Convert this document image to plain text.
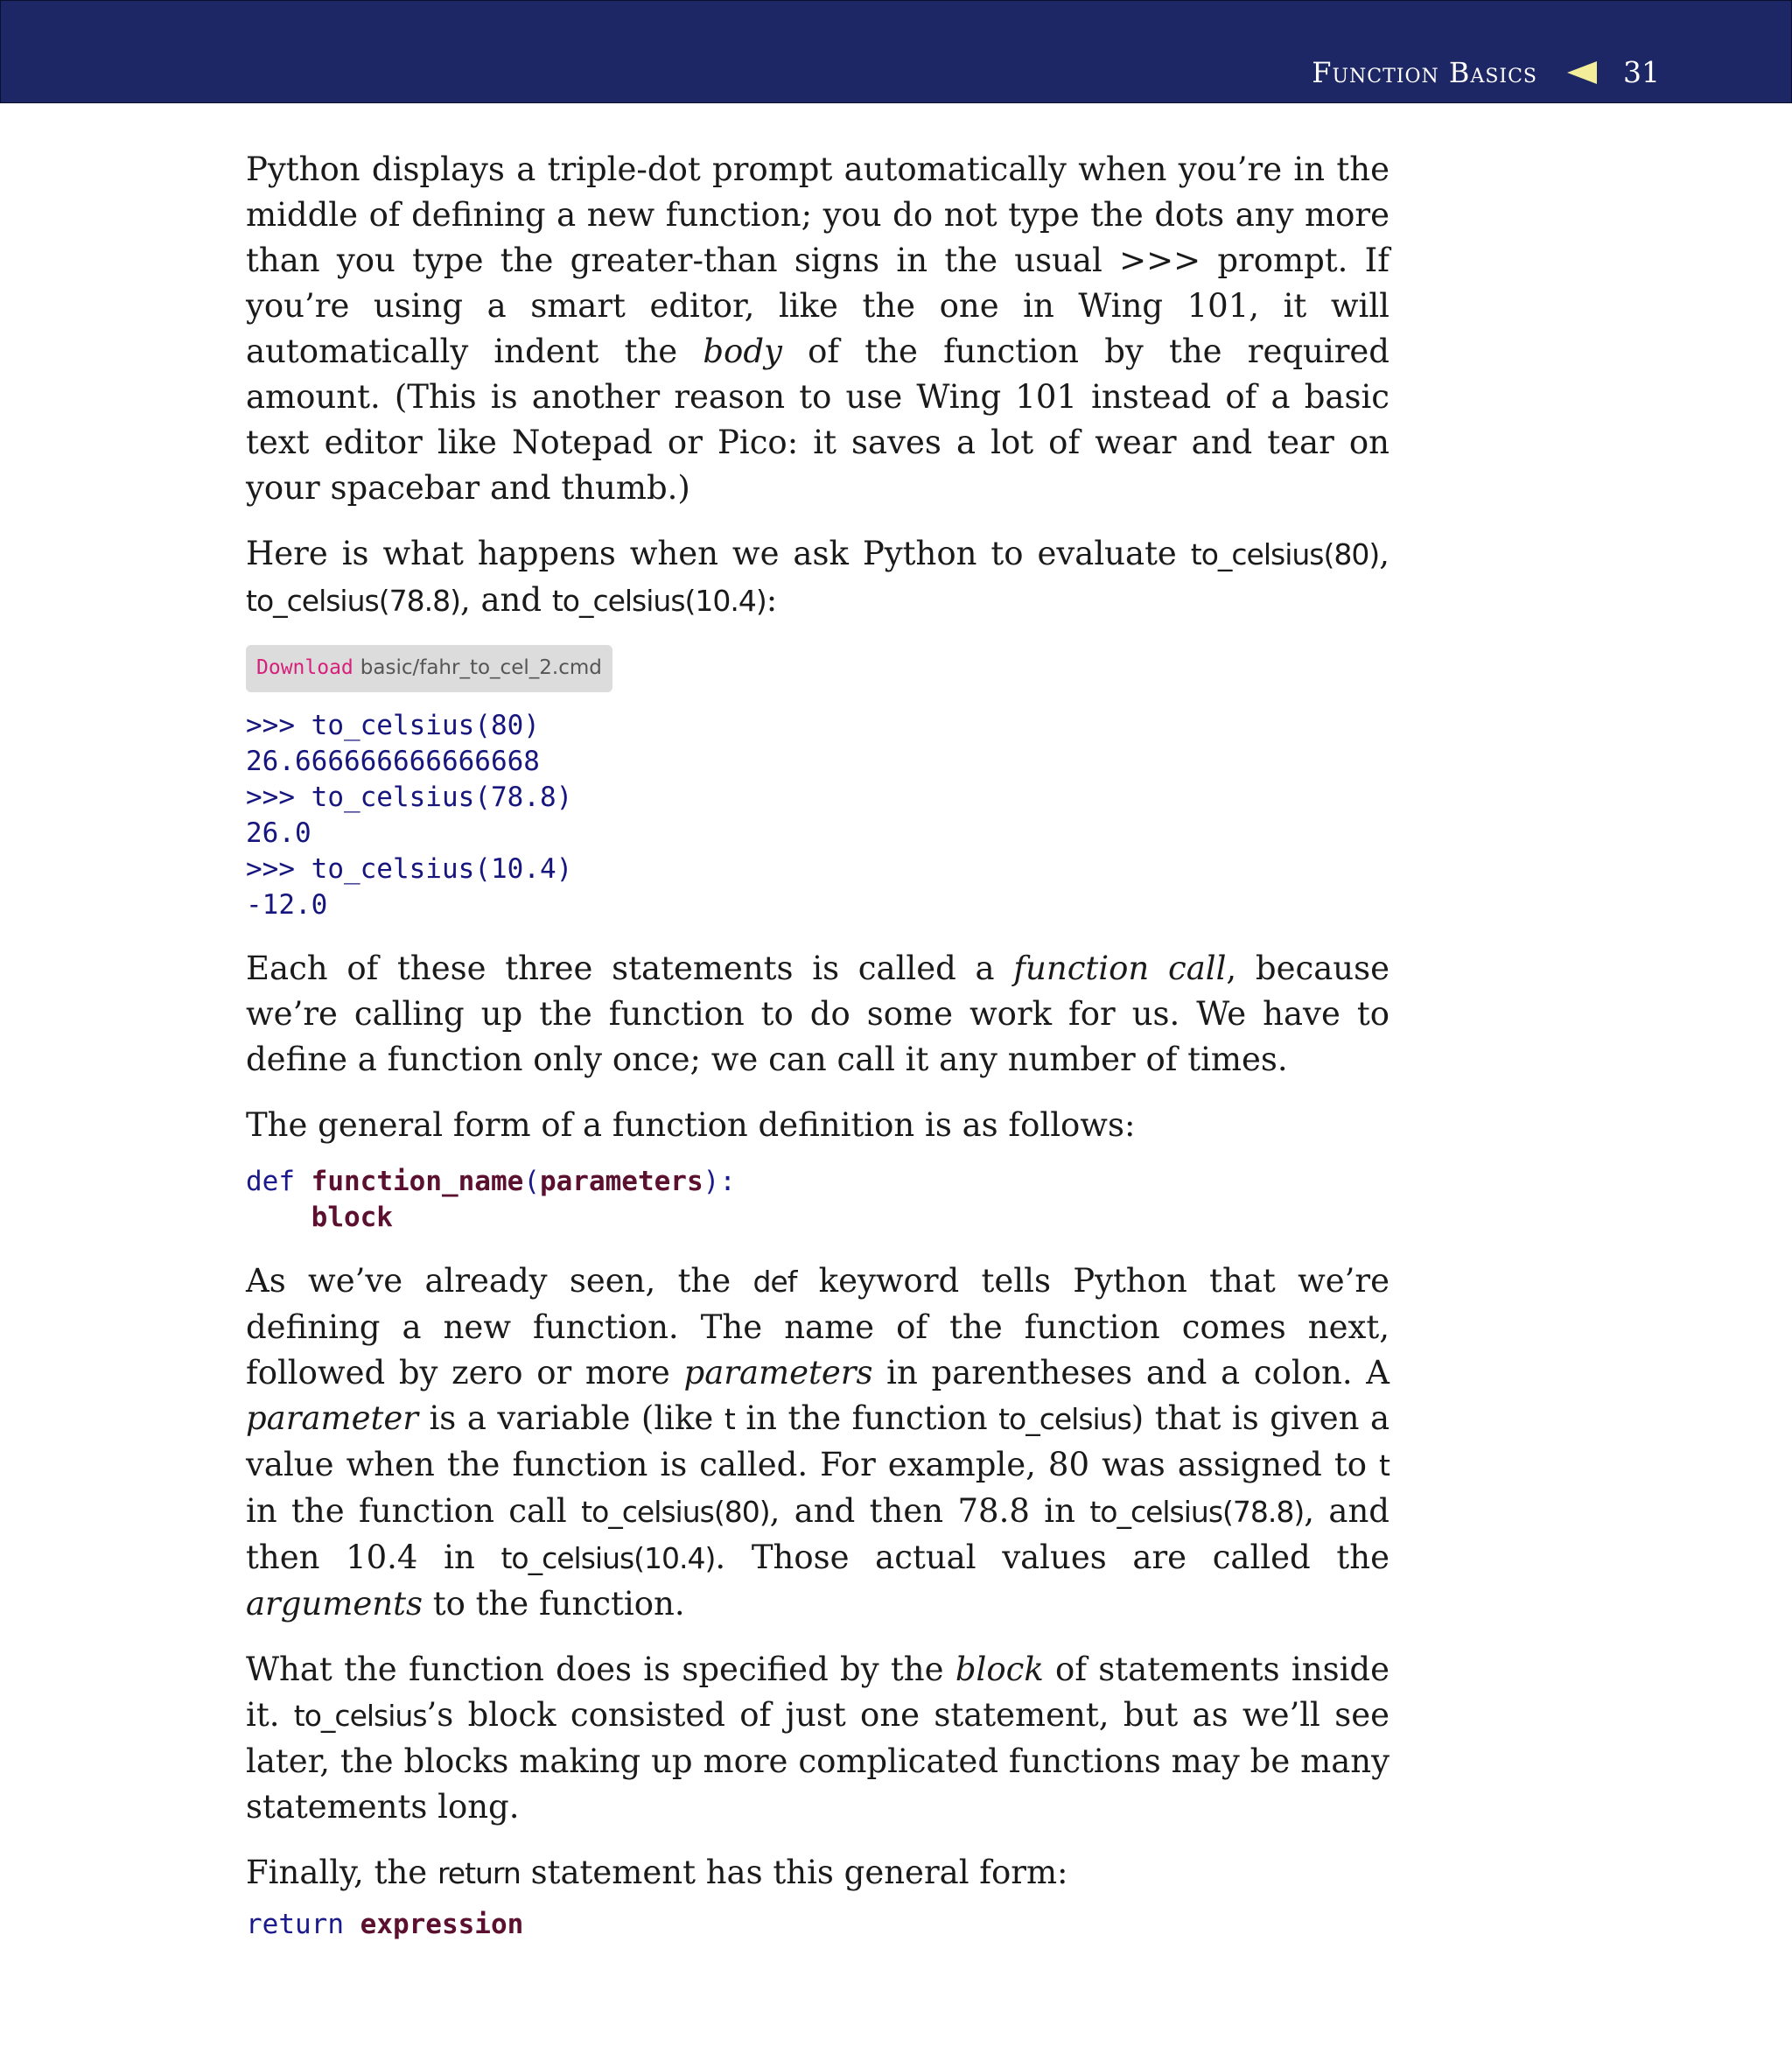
Function Basics	31

Python displays a triple-dot prompt automatically when you’re in the middle of defining a new function; you do not type the dots any more than you type the greater-than signs in the usual >>> prompt. If you’re using a smart editor, like the one in Wing 101, it will automatically indent the body of the function by the required amount. (This is another reason to use Wing 101 instead of a basic text editor like Notepad or Pico: it saves a lot of wear and tear on your spacebar and thumb.)

Here is what happens when we ask Python to evaluate to_celsius(80), to_celsius(78.8), and to_celsius(10.4):

Download basic/fahr_to_cel_2.cmd
>>> to_celsius(80)
26.666666666666668
>>> to_celsius(78.8)
26.0
>>> to_celsius(10.4)
-12.0

Each of these three statements is called a function call, because we’re calling up the function to do some work for us. We have to define a function only once; we can call it any number of times.

The general form of a function definition is as follows:

def function_name(parameters):
block

As we’ve already seen, the def keyword tells Python that we’re defining a new function. The name of the function comes next, followed by zero or more parameters in parentheses and a colon. A parameter is a variable (like t in the function to_celsius) that is given a value when the function is called. For example, 80 was assigned to t in the function call to_celsius(80), and then 78.8 in to_celsius(78.8), and then 10.4 in to_celsius(10.4). Those actual values are called the arguments to the function.

What the function does is specified by the block of statements inside it. to_celsius’s block consisted of just one statement, but as we’ll see later, the blocks making up more complicated functions may be many statements long.

Finally, the return statement has this general form:

return expression
